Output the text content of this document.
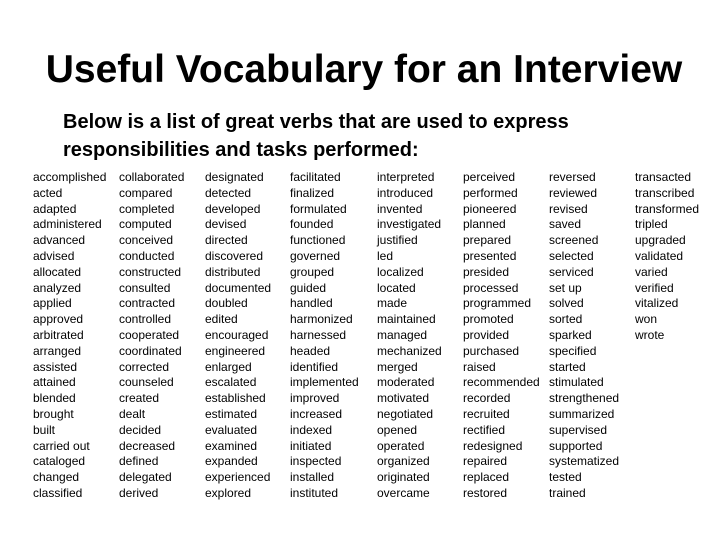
Useful Vocabulary for an Interview
Below is a list of great verbs that are used to express
responsibilities and tasks performed:
accomplished
acted
adapted
administered
advanced
advised
allocated
analyzed
applied
approved
arbitrated
arranged
assisted
attained
blended
brought
built
carried out
cataloged
changed
classified
collaborated
compared
completed
computed
conceived
conducted
constructed
consulted
contracted
controlled
cooperated
coordinated
corrected
counseled
created
dealt
decided
decreased
defined
delegated
derived
designated
detected
developed
devised
directed
discovered
distributed
documented
doubled
edited
encouraged
engineered
enlarged
escalated
established
estimated
evaluated
examined
expanded
experienced
explored
facilitated
finalized
formulated
founded
functioned
governed
grouped
guided
handled
harmonized
harnessed
headed
identified
implemented
improved
increased
indexed
initiated
inspected
installed
instituted
interpreted
introduced
invented
investigated
justified
led
localized
located
made
maintained
managed
mechanized
merged
moderated
motivated
negotiated
opened
operated
organized
originated
overcame
perceived
performed
pioneered
planned
prepared
presented
presided
processed
programmed
promoted
provided
purchased
raised
recommended
recorded
recruited
rectified
redesigned
repaired
replaced
restored
reversed
reviewed
revised
saved
screened
selected
serviced
set up
solved
sorted
sparked
specified
started
stimulated
strengthened
summarized
supervised
supported
systematized
tested
trained
transacted
transcribed
transformed
tripled
upgraded
validated
varied
verified
vitalized
won
wrote
